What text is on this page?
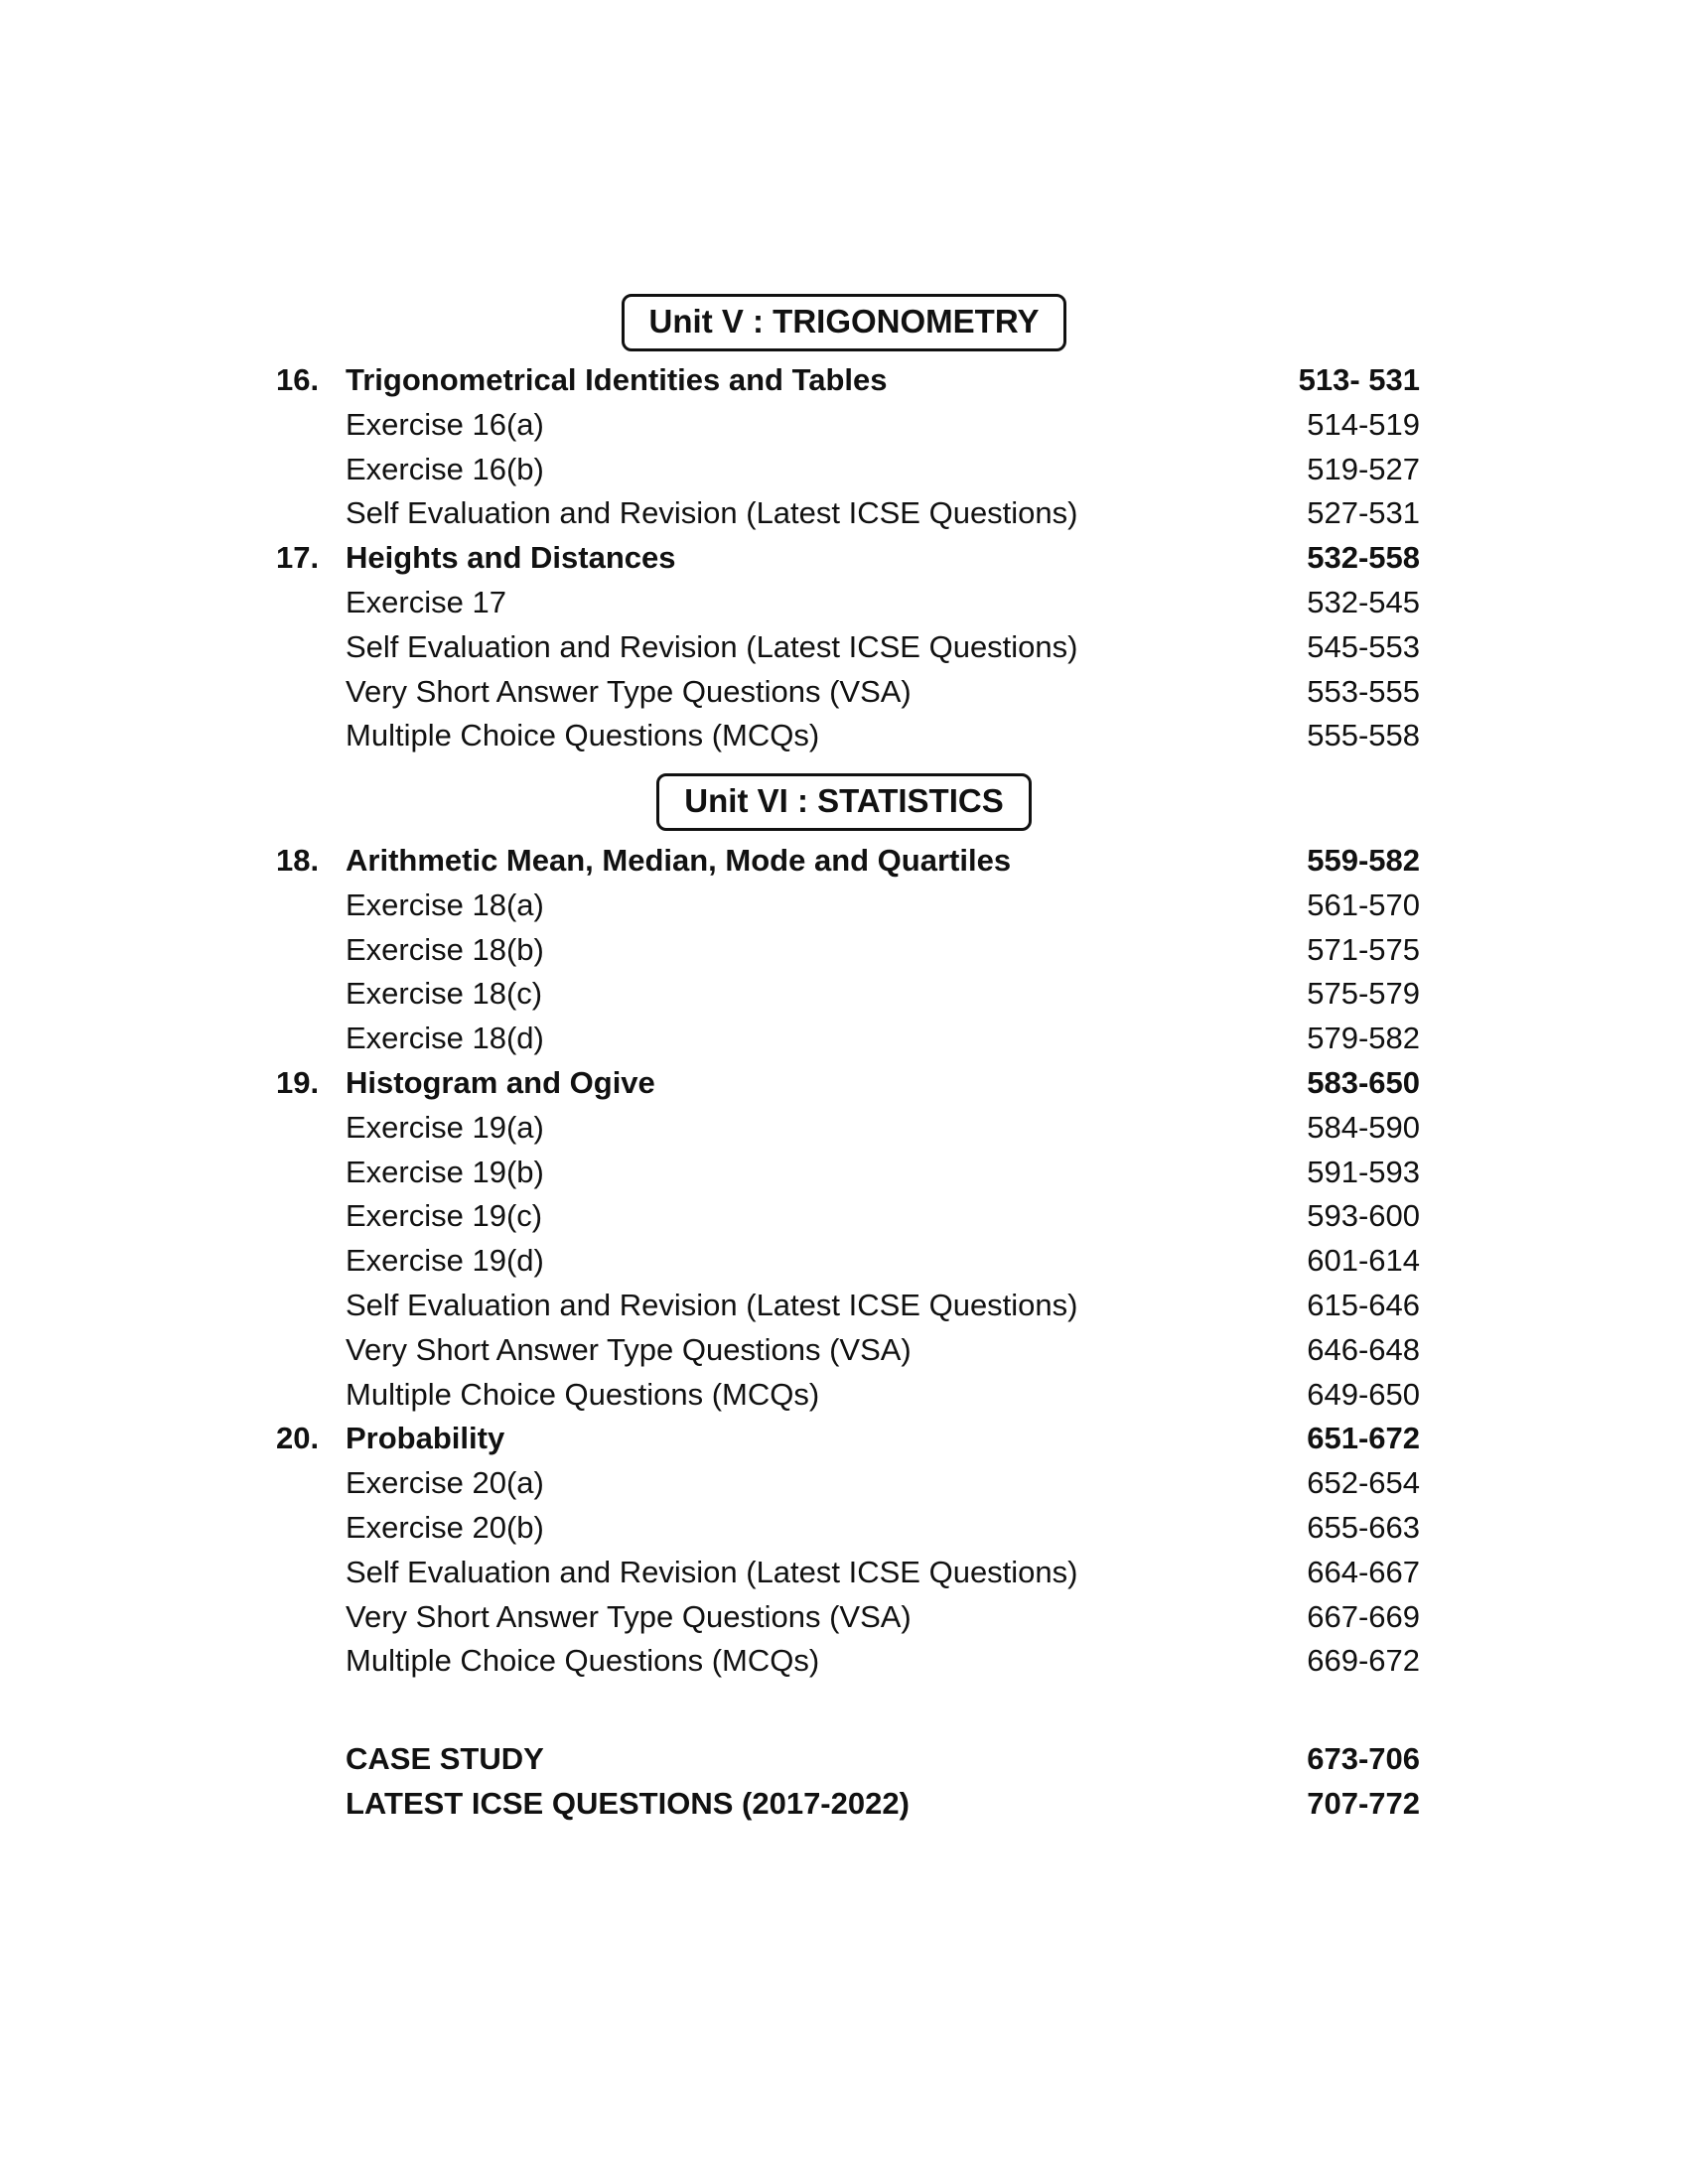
Unit V : TRIGONOMETRY
16. Trigonometrical Identities and Tables	513- 531
Exercise 16(a)	514-519
Exercise 16(b)	519-527
Self Evaluation and Revision (Latest ICSE Questions)	527-531
17. Heights and Distances	532-558
Exercise 17	532-545
Self Evaluation and Revision (Latest ICSE Questions)	545-553
Very Short Answer Type Questions (VSA)	553-555
Multiple Choice Questions (MCQs)	555-558
Unit VI : STATISTICS
18. Arithmetic Mean, Median, Mode and Quartiles	559-582
Exercise 18(a)	561-570
Exercise 18(b)	571-575
Exercise 18(c)	575-579
Exercise 18(d)	579-582
19. Histogram and Ogive	583-650
Exercise 19(a)	584-590
Exercise 19(b)	591-593
Exercise 19(c)	593-600
Exercise 19(d)	601-614
Self Evaluation and Revision (Latest ICSE Questions)	615-646
Very Short Answer Type Questions (VSA)	646-648
Multiple Choice Questions (MCQs)	649-650
20. Probability	651-672
Exercise 20(a)	652-654
Exercise 20(b)	655-663
Self Evaluation and Revision (Latest ICSE Questions)	664-667
Very Short Answer Type Questions (VSA)	667-669
Multiple Choice Questions (MCQs)	669-672
CASE STUDY	673-706
LATEST ICSE QUESTIONS (2017-2022)	707-772
